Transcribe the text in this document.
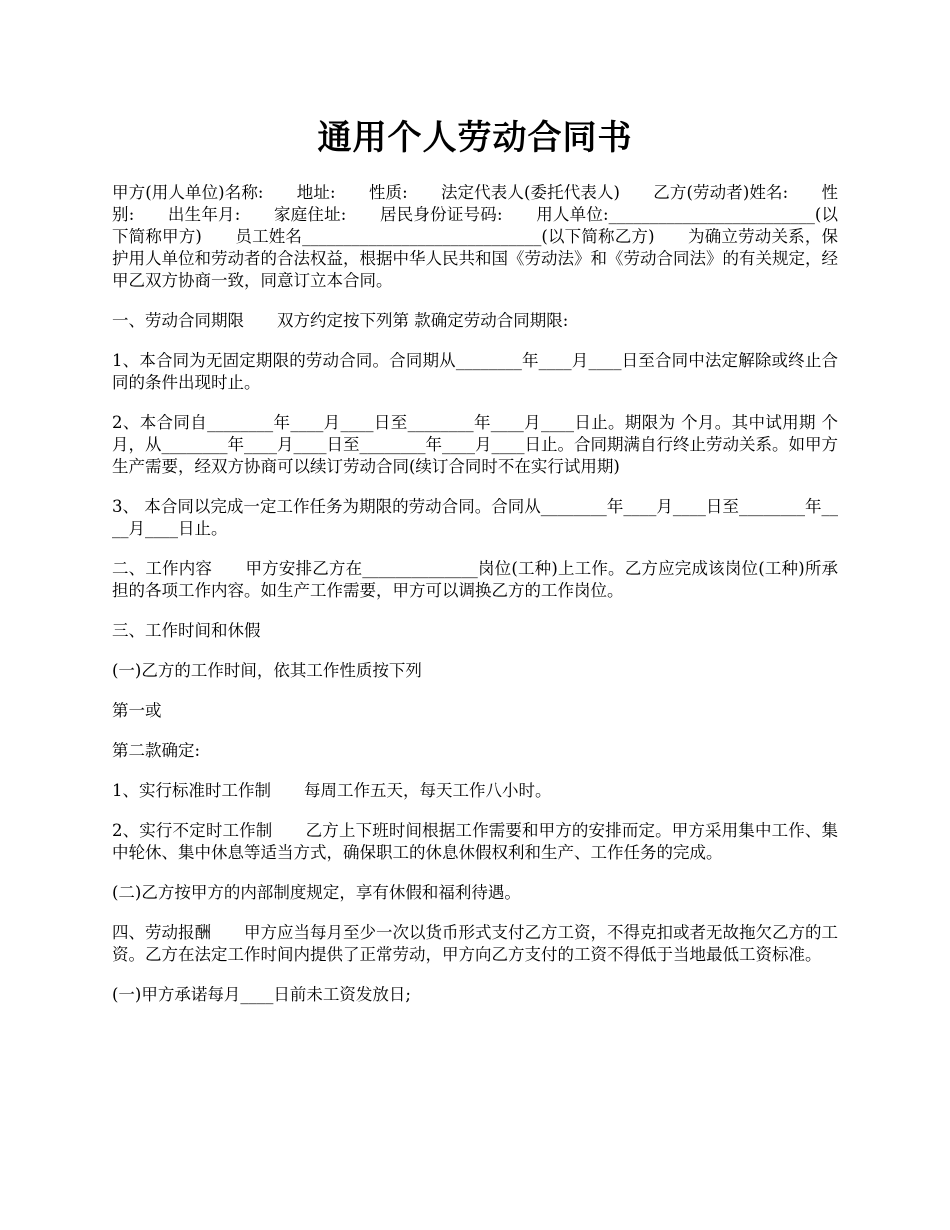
通用个人劳动合同书

甲方(用人单位)名称:　　地址:　　性质:　　法定代表人(委托代表人)　　乙方(劳动者)姓名:　　性别:　　出生年月:　　家庭住址:　　居民身份证号码:　　用人单位:_________________________(以下简称甲方)　　员工姓名_____________________________(以下简称乙方)　　为确立劳动关系，保护用人单位和劳动者的合法权益，根据中华人民共和国《劳动法》和《劳动合同法》的有关规定，经甲乙双方协商一致，同意订立本合同。

一、劳动合同期限　　双方约定按下列第 款确定劳动合同期限:

1、本合同为无固定期限的劳动合同。合同期从________年____月____日至合同中法定解除或终止合同的条件出现时止。

2、本合同自________年____月____日至________年____月____日止。期限为 个月。其中试用期 个月，从________年____月____日至________年____月____日止。合同期满自行终止劳动关系。如甲方生产需要，经双方协商可以续订劳动合同(续订合同时不在实行试用期)

3、 本合同以完成一定工作任务为期限的劳动合同。合同从________年____月____日至________年____月____日止。

二、工作内容　　甲方安排乙方在______________岗位(工种)上工作。乙方应完成该岗位(工种)所承担的各项工作内容。如生产工作需要，甲方可以调换乙方的工作岗位。

三、工作时间和休假

(一)乙方的工作时间，依其工作性质按下列

第一或

第二款确定:

1、实行标准时工作制　　每周工作五天，每天工作八小时。

2、实行不定时工作制　　乙方上下班时间根据工作需要和甲方的安排而定。甲方采用集中工作、集中轮休、集中休息等适当方式，确保职工的休息休假权利和生产、工作任务的完成。

(二)乙方按甲方的内部制度规定，享有休假和福利待遇。

四、劳动报酬　　甲方应当每月至少一次以货币形式支付乙方工资，不得克扣或者无故拖欠乙方的工资。乙方在法定工作时间内提供了正常劳动，甲方向乙方支付的工资不得低于当地最低工资标准。

(一)甲方承诺每月____日前未工资发放日;
